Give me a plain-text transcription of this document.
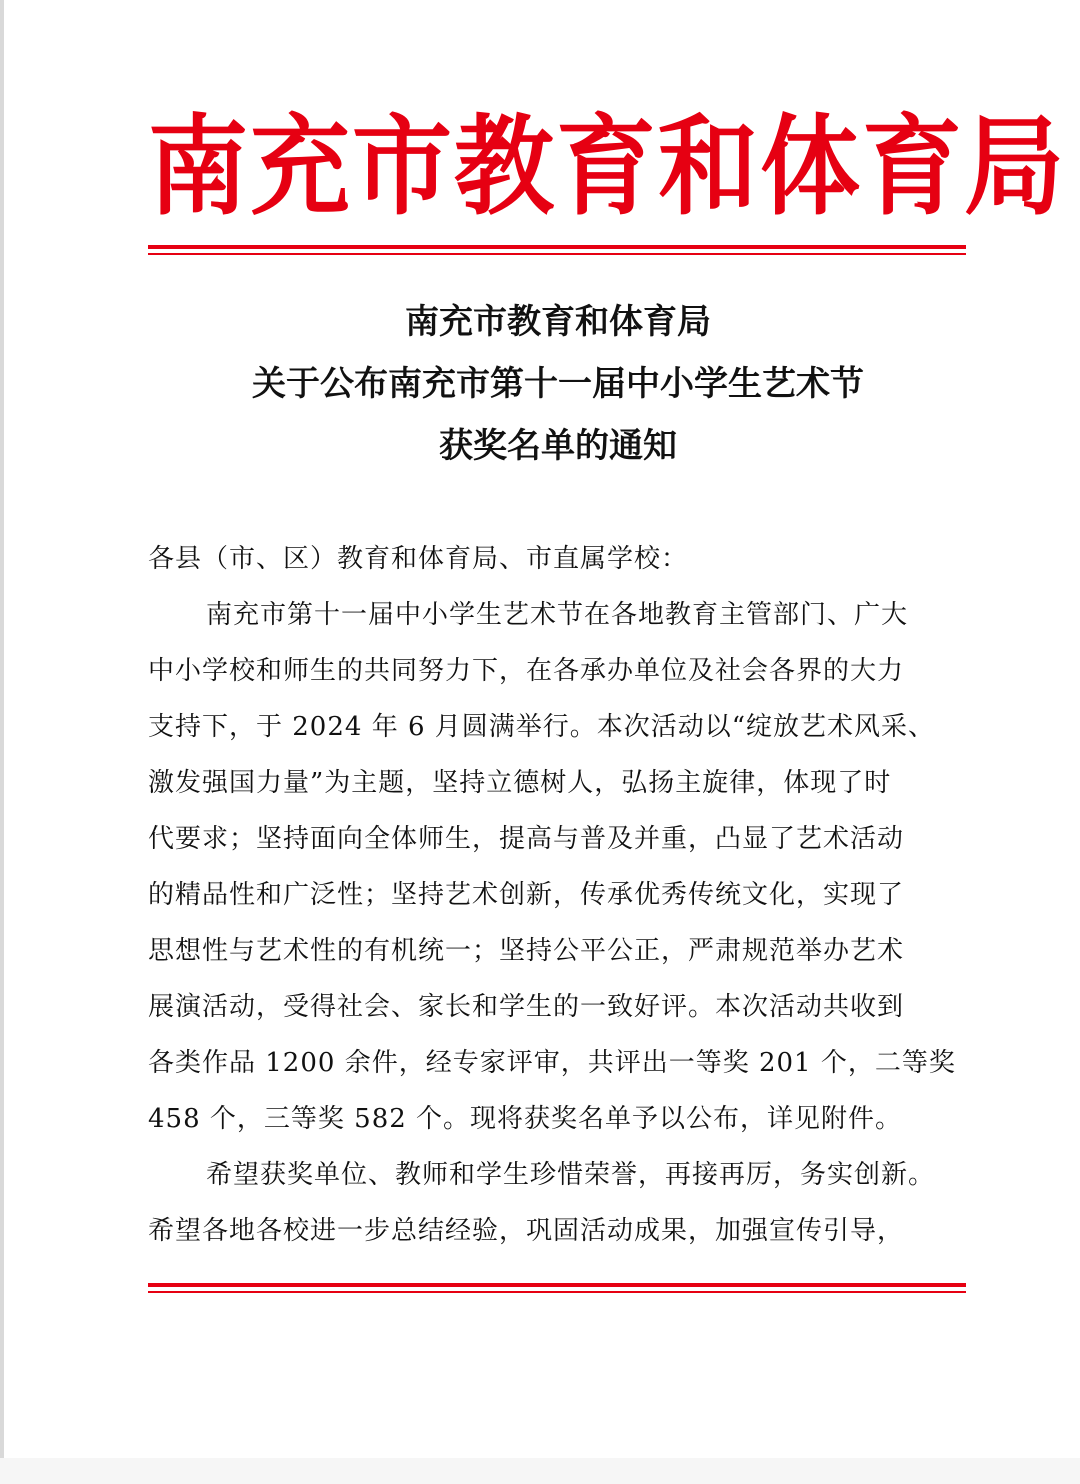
南充市教育和体育局
南充市教育和体育局
关于公布南充市第十一届中小学生艺术节
获奖名单的通知
各县（市、区）教育和体育局、市直属学校：
南充市第十一届中小学生艺术节在各地教育主管部门、广大
中小学校和师生的共同努力下，在各承办单位及社会各界的大力
支持下，于 2024 年 6 月圆满举行。本次活动以“绽放艺术风采、
激发强国力量”为主题，坚持立德树人，弘扬主旋律，体现了时
代要求；坚持面向全体师生，提高与普及并重，凸显了艺术活动
的精品性和广泛性；坚持艺术创新，传承优秀传统文化，实现了
思想性与艺术性的有机统一；坚持公平公正，严肃规范举办艺术
展演活动，受得社会、家长和学生的一致好评。本次活动共收到
各类作品 1200 余件，经专家评审，共评出一等奖 201 个，二等奖
458 个，三等奖 582 个。现将获奖名单予以公布，详见附件。
希望获奖单位、教师和学生珍惜荣誉，再接再厉，务实创新。
希望各地各校进一步总结经验，巩固活动成果，加强宣传引导，
